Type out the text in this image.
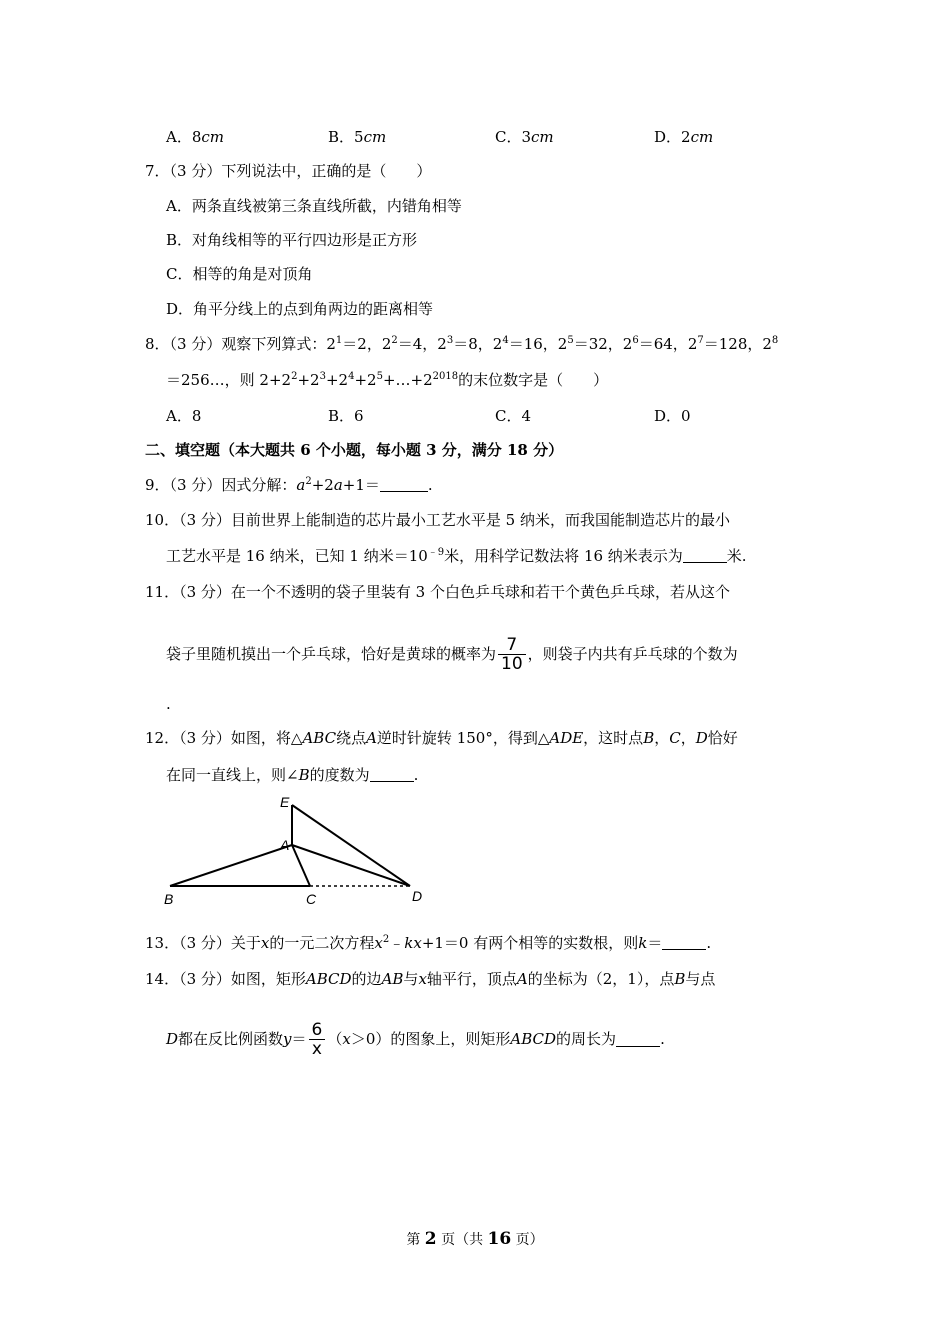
A．8cm	B．5cm	C．3cm	D．2cm
7．（3 分）下列说法中，正确的是（　　）
A．两条直线被第三条直线所截，内错角相等
B．对角线相等的平行四边形是正方形
C．相等的角是对顶角
D．角平分线上的点到角两边的距离相等
8．（3 分）观察下列算式：$2^1=2$，$2^2=4$，$2^3=8$，$2^4=16$，$2^5=32$，$2^6=64$，$2^7=128$，$2^8$
＝256…，则 $2+2^2+2^3+2^4+2^5+\dots+2^{2018}$的末位数字是（　　）
A．8	B．6	C．4	D．0
二、填空题（本大题共 6 个小题，每小题 3 分，满分 18 分）
9．（3 分）因式分解：$a^2+2a+1=$	.
10．（3 分）目前世界上能制造的芯片最小工艺水平是 5 纳米，而我国能制造芯片的最小
工艺水平是 16 纳米，已知 1 纳米$=10^{﹣9}$米，用科学记数法将 16 纳米表示为	米.
11．（3 分）在一个不透明的袋子里装有 3 个白色乒乓球和若干个黄色乒乓球，若从这个
袋子里随机摸出一个乒乓球，恰好是黄球的概率为 $\frac{7}{10}$ ，则袋子内共有乒乓球的个数为
.
12．（3 分）如图，将△ABC绕点A逆时针旋转 150°，得到△ADE，这时点B，C，D恰好
在同一直线上，则∠B的度数为	.
E
A
B	C	D
13．（3 分）关于x的一元二次方程$x^2﹣kx+1=0$ 有两个相等的实数根，则k＝	.
14．（3 分）如图，矩形ABCD的边AB与x轴平行，顶点A的坐标为（2，1），点B与点
D都在反比例函数$y= \frac{6}{x} (x>0)$的图象上，则矩形ABCD的周长为	.
第 2 页（共 16 页）
